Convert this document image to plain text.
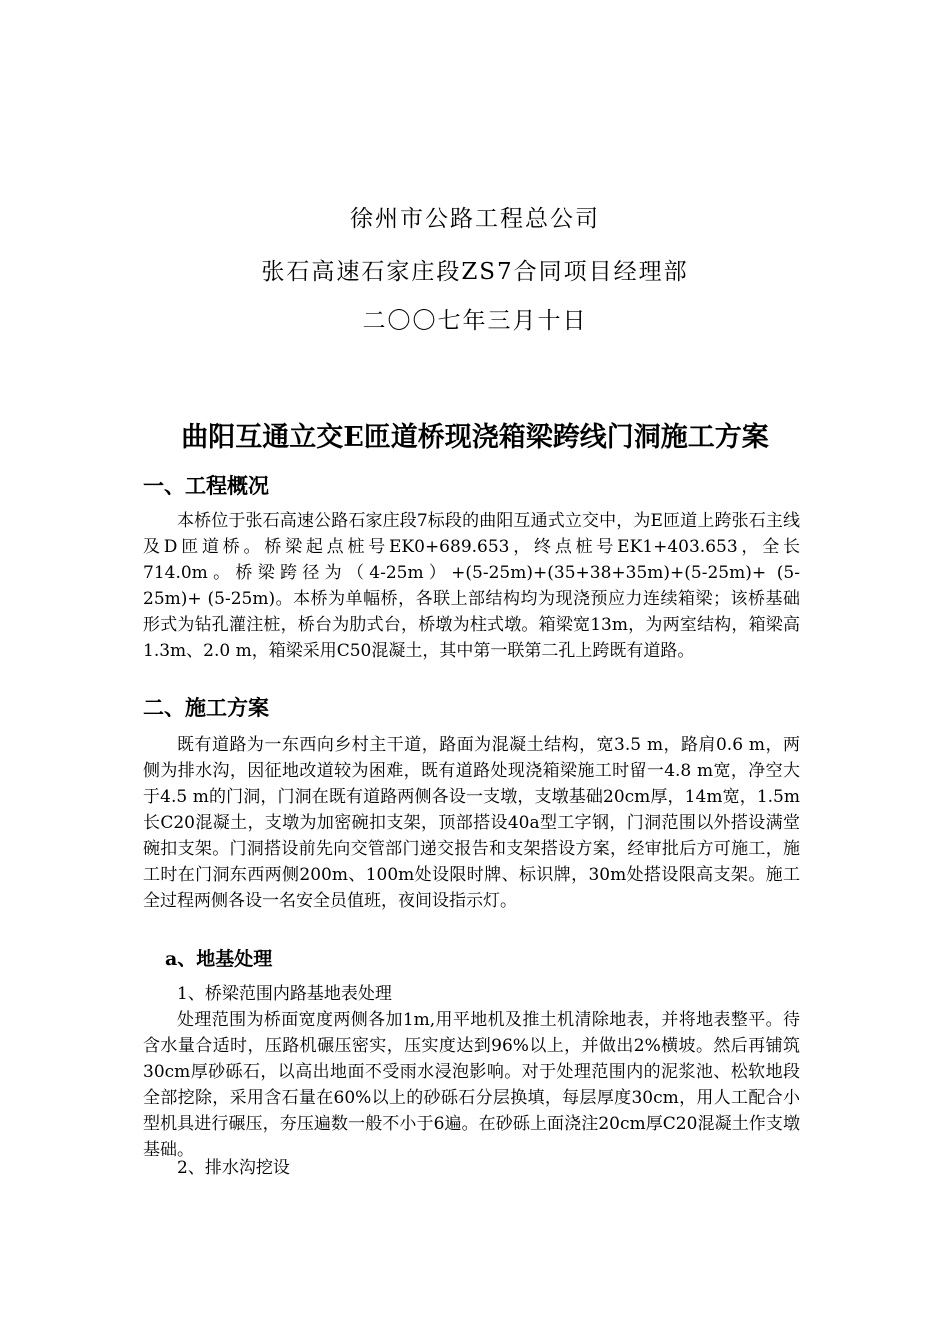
徐州市公路工程总公司
张石高速石家庄段ZS7合同项目经理部
二〇〇七年三月十日
曲阳互通立交E匝道桥现浇箱梁跨线门洞施工方案
一、工程概况
本桥位于张石高速公路石家庄段7标段的曲阳互通式立交中，为E匝道上跨张石主线及D匝道桥。桥梁起点桩号EK0+689.653，终点桩号EK1+403.653，全长714.0m。桥梁跨径为（4-25m）+(5-25m)+(35+38+35m)+(5-25m)+ (5-25m)+ (5-25m)。本桥为单幅桥，各联上部结构均为现浇预应力连续箱梁；该桥基础形式为钻孔灌注桩，桥台为肋式台，桥墩为柱式墩。箱梁宽13m，为两室结构，箱梁高1.3m、2.0 m，箱梁采用C50混凝土，其中第一联第二孔上跨既有道路。
二、施工方案
既有道路为一东西向乡村主干道，路面为混凝土结构，宽3.5 m，路肩0.6 m，两侧为排水沟，因征地改道较为困难，既有道路处现浇箱梁施工时留一4.8 m宽，净空大于4.5 m的门洞，门洞在既有道路两侧各设一支墩，支墩基础20cm厚，14m宽，1.5m长C20混凝土，支墩为加密碗扣支架，顶部搭设40a型工字钢，门洞范围以外搭设满堂碗扣支架。门洞搭设前先向交管部门递交报告和支架搭设方案，经审批后方可施工，施工时在门洞东西两侧200m、100m处设限时牌、标识牌，30m处搭设限高支架。施工全过程两侧各设一名安全员值班，夜间设指示灯。
a、地基处理
1、桥梁范围内路基地表处理
处理范围为桥面宽度两侧各加1m,用平地机及推土机清除地表，并将地表整平。待含水量合适时，压路机碾压密实，压实度达到96%以上，并做出2%横坡。然后再铺筑30cm厚砂砾石，以高出地面不受雨水浸泡影响。对于处理范围内的泥浆池、松软地段全部挖除，采用含石量在60%以上的砂砾石分层换填，每层厚度30cm，用人工配合小型机具进行碾压，夯压遍数一般不小于6遍。在砂砾上面浇注20cm厚C20混凝土作支墩基础。
2、排水沟挖设
